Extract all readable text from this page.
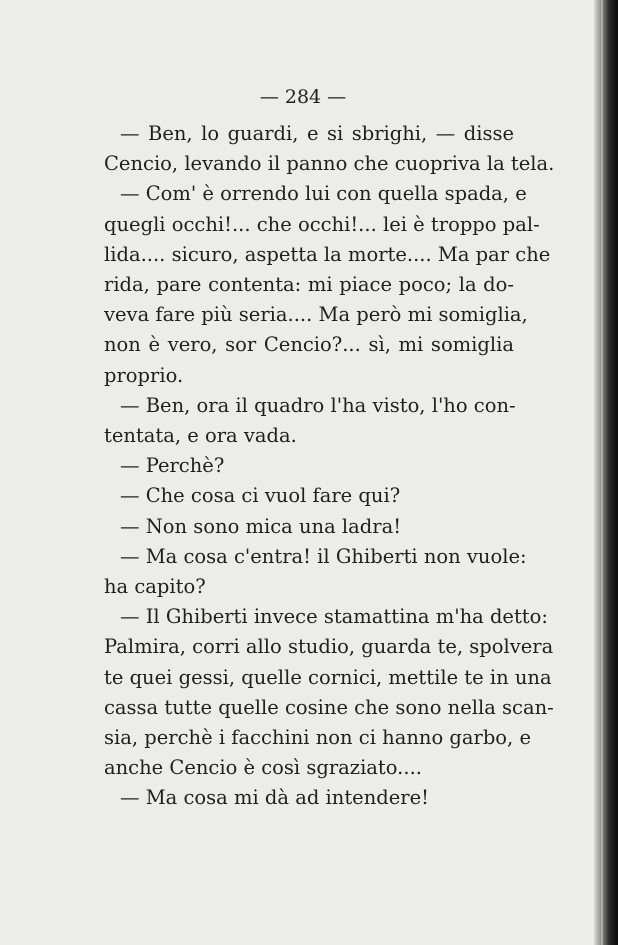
— 284 —
— Ben, lo guardi, e si sbrighi, — disse
Cencio, levando il panno che cuopriva la tela.
— Com' è orrendo lui con quella spada, e
quegli occhi!... che occhi!... lei è troppo pal-
lida.... sicuro, aspetta la morte.... Ma par che
rida, pare contenta: mi piace poco; la do-
veva fare più seria.... Ma però mi somiglia,
non è vero, sor Cencio?... sì, mi somiglia
proprio.
— Ben, ora il quadro l'ha visto, l'ho con-
tentata, e ora vada.
— Perchè?
— Che cosa ci vuol fare qui?
— Non sono mica una ladra!
— Ma cosa c'entra! il Ghiberti non vuole:
ha capito?
— Il Ghiberti invece stamattina m'ha detto:
Palmira, corri allo studio, guarda te, spolvera
te quei gessi, quelle cornici, mettile te in una
cassa tutte quelle cosine che sono nella scan-
sia, perchè i facchini non ci hanno garbo, e
anche Cencio è così sgraziato....
— Ma cosa mi dà ad intendere!
